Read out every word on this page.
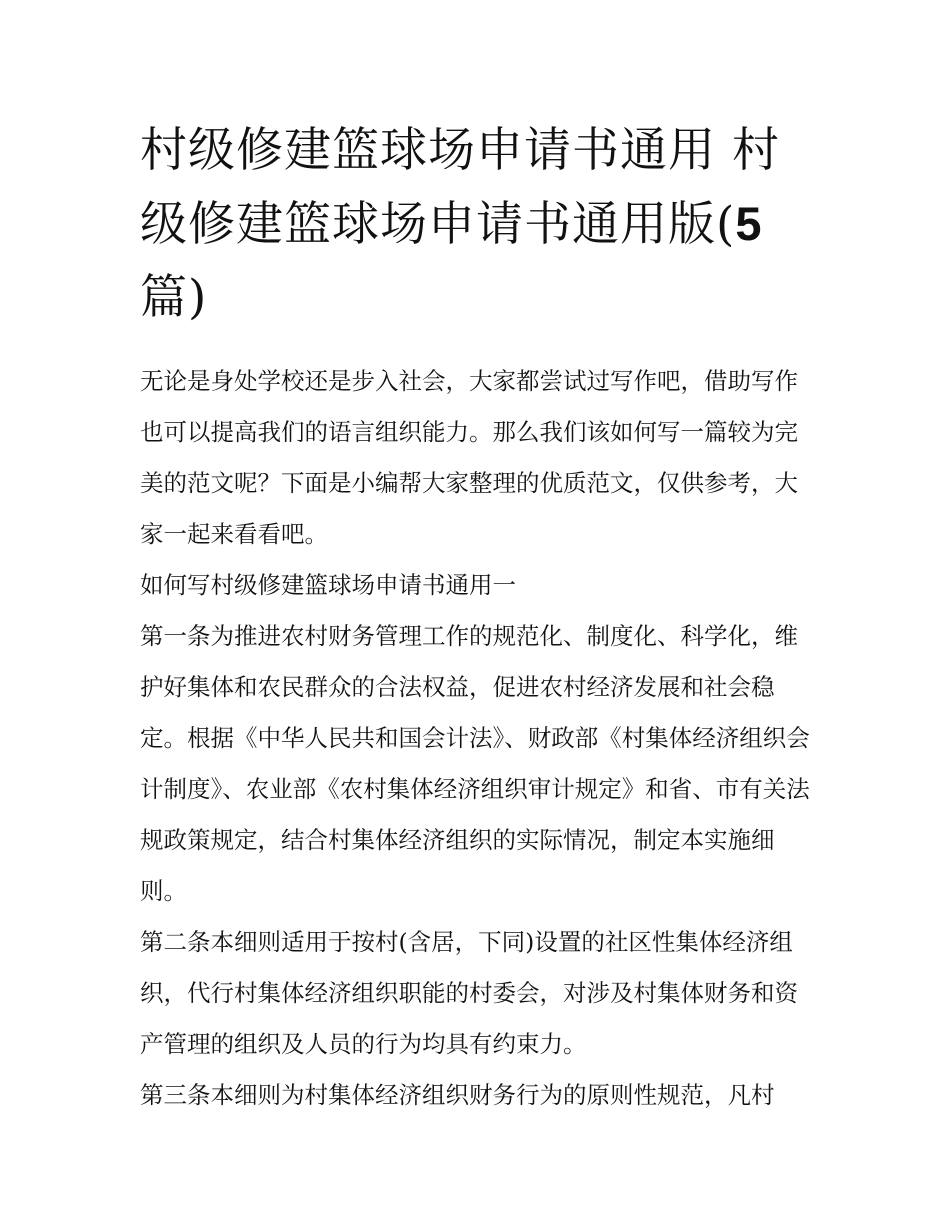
村级修建篮球场申请书通用 村级修建篮球场申请书通用版(5
篇)

无论是身处学校还是步入社会，大家都尝试过写作吧，借助写作也可以提高我们的语言组织能力。那么我们该如何写一篇较为完美的范文呢？下面是小编帮大家整理的优质范文，仅供参考，大家一起来看看吧。

如何写村级修建篮球场申请书通用一

第一条为推进农村财务管理工作的规范化、制度化、科学化，维护好集体和农民群众的合法权益，促进农村经济发展和社会稳定。根据《中华人民共和国会计法》、财政部《村集体经济组织会计制度》、农业部《农村集体经济组织审计规定》和省、市有关法规政策规定，结合村集体经济组织的实际情况，制定本实施细则。

第二条本细则适用于按村(含居，下同)设置的社区性集体经济组织，代行村集体经济组织职能的村委会，对涉及村集体财务和资产管理的组织及人员的行为均具有约束力。

第三条本细则为村集体经济组织财务行为的原则性规范，凡村
